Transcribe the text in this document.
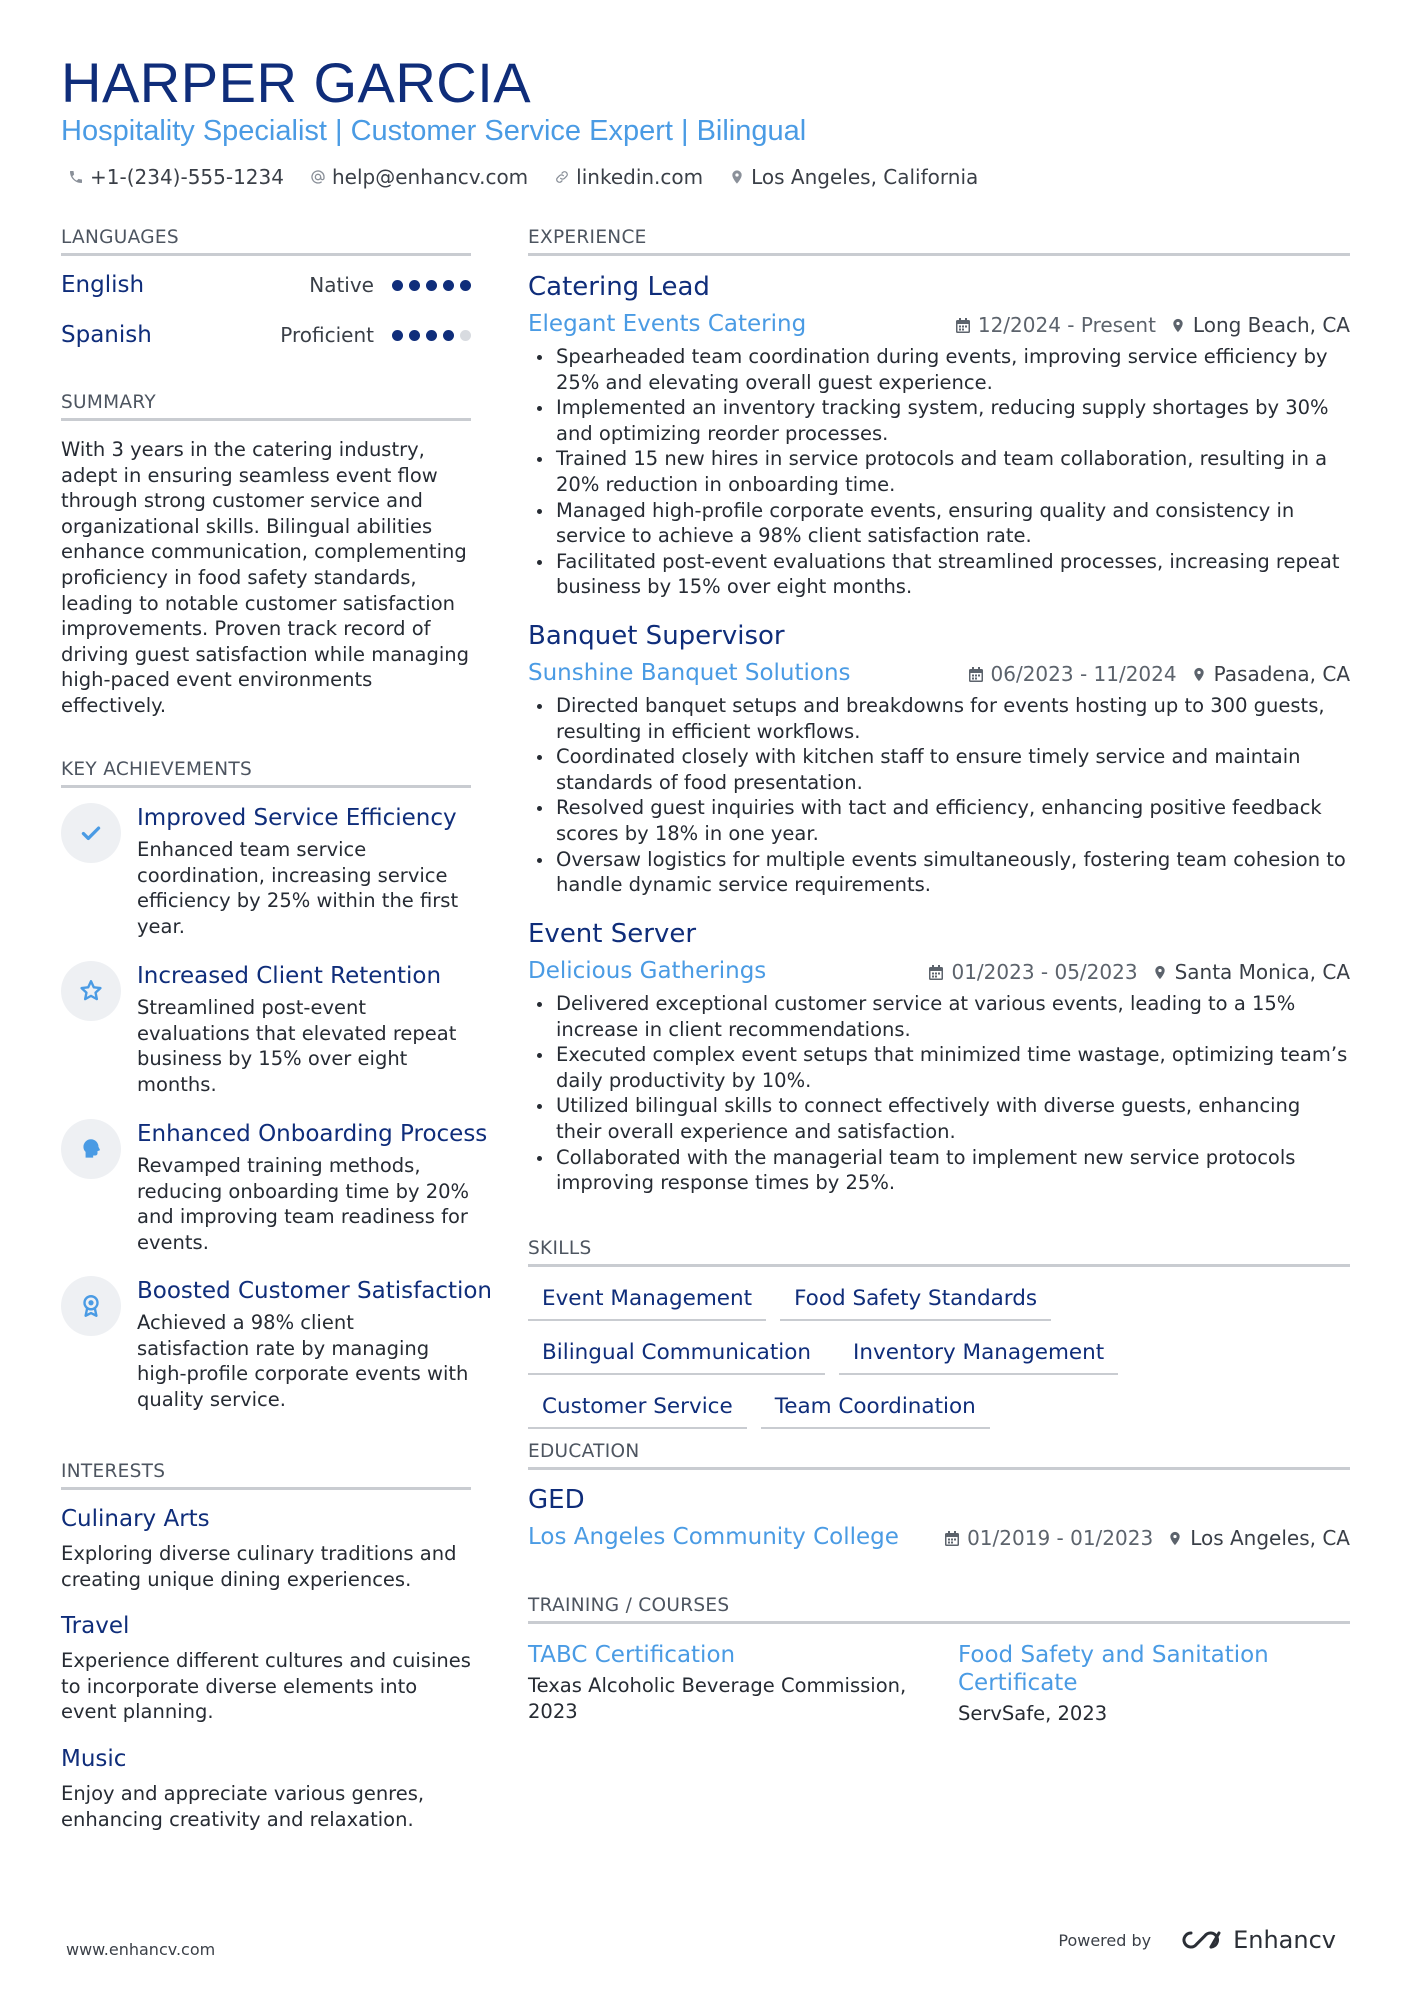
HARPER GARCIA
Hospitality Specialist | Customer Service Expert | Bilingual
+1-(234)-555-1234 help@enhancv.com linkedin.com Los Angeles, California
LANGUAGES
English	Native
Spanish	Proficient
SUMMARY
With 3 years in the catering industry, adept in ensuring seamless event flow through strong customer service and organizational skills. Bilingual abilities enhance communication, complementing proficiency in food safety standards, leading to notable customer satisfaction improvements. Proven track record of driving guest satisfaction while managing high-paced event environments effectively.
KEY ACHIEVEMENTS
Improved Service Efficiency
Enhanced team service coordination, increasing service efficiency by 25% within the first year.
Increased Client Retention
Streamlined post-event evaluations that elevated repeat business by 15% over eight months.
Enhanced Onboarding Process
Revamped training methods, reducing onboarding time by 20% and improving team readiness for events.
Boosted Customer Satisfaction
Achieved a 98% client satisfaction rate by managing high-profile corporate events with quality service.
INTERESTS
Culinary Arts
Exploring diverse culinary traditions and creating unique dining experiences.
Travel
Experience different cultures and cuisines to incorporate diverse elements into event planning.
Music
Enjoy and appreciate various genres, enhancing creativity and relaxation.
EXPERIENCE
Catering Lead
Elegant Events Catering	12/2024 - Present Long Beach, CA
Spearheaded team coordination during events, improving service efficiency by 25% and elevating overall guest experience.
Implemented an inventory tracking system, reducing supply shortages by 30% and optimizing reorder processes.
Trained 15 new hires in service protocols and team collaboration, resulting in a 20% reduction in onboarding time.
Managed high-profile corporate events, ensuring quality and consistency in service to achieve a 98% client satisfaction rate.
Facilitated post-event evaluations that streamlined processes, increasing repeat business by 15% over eight months.
Banquet Supervisor
Sunshine Banquet Solutions	06/2023 - 11/2024 Pasadena, CA
Directed banquet setups and breakdowns for events hosting up to 300 guests, resulting in efficient workflows.
Coordinated closely with kitchen staff to ensure timely service and maintain standards of food presentation.
Resolved guest inquiries with tact and efficiency, enhancing positive feedback scores by 18% in one year.
Oversaw logistics for multiple events simultaneously, fostering team cohesion to handle dynamic service requirements.
Event Server
Delicious Gatherings	01/2023 - 05/2023 Santa Monica, CA
Delivered exceptional customer service at various events, leading to a 15% increase in client recommendations.
Executed complex event setups that minimized time wastage, optimizing team’s daily productivity by 10%.
Utilized bilingual skills to connect effectively with diverse guests, enhancing their overall experience and satisfaction.
Collaborated with the managerial team to implement new service protocols improving response times by 25%.
SKILLS
Event Management	Food Safety Standards
Bilingual Communication	Inventory Management
Customer Service	Team Coordination
EDUCATION
GED
Los Angeles Community College	01/2019 - 01/2023 Los Angeles, CA
TRAINING / COURSES
TABC Certification
Texas Alcoholic Beverage Commission, 2023
Food Safety and Sanitation Certificate
ServSafe, 2023
www.enhancv.com	Powered by	Enhancv
